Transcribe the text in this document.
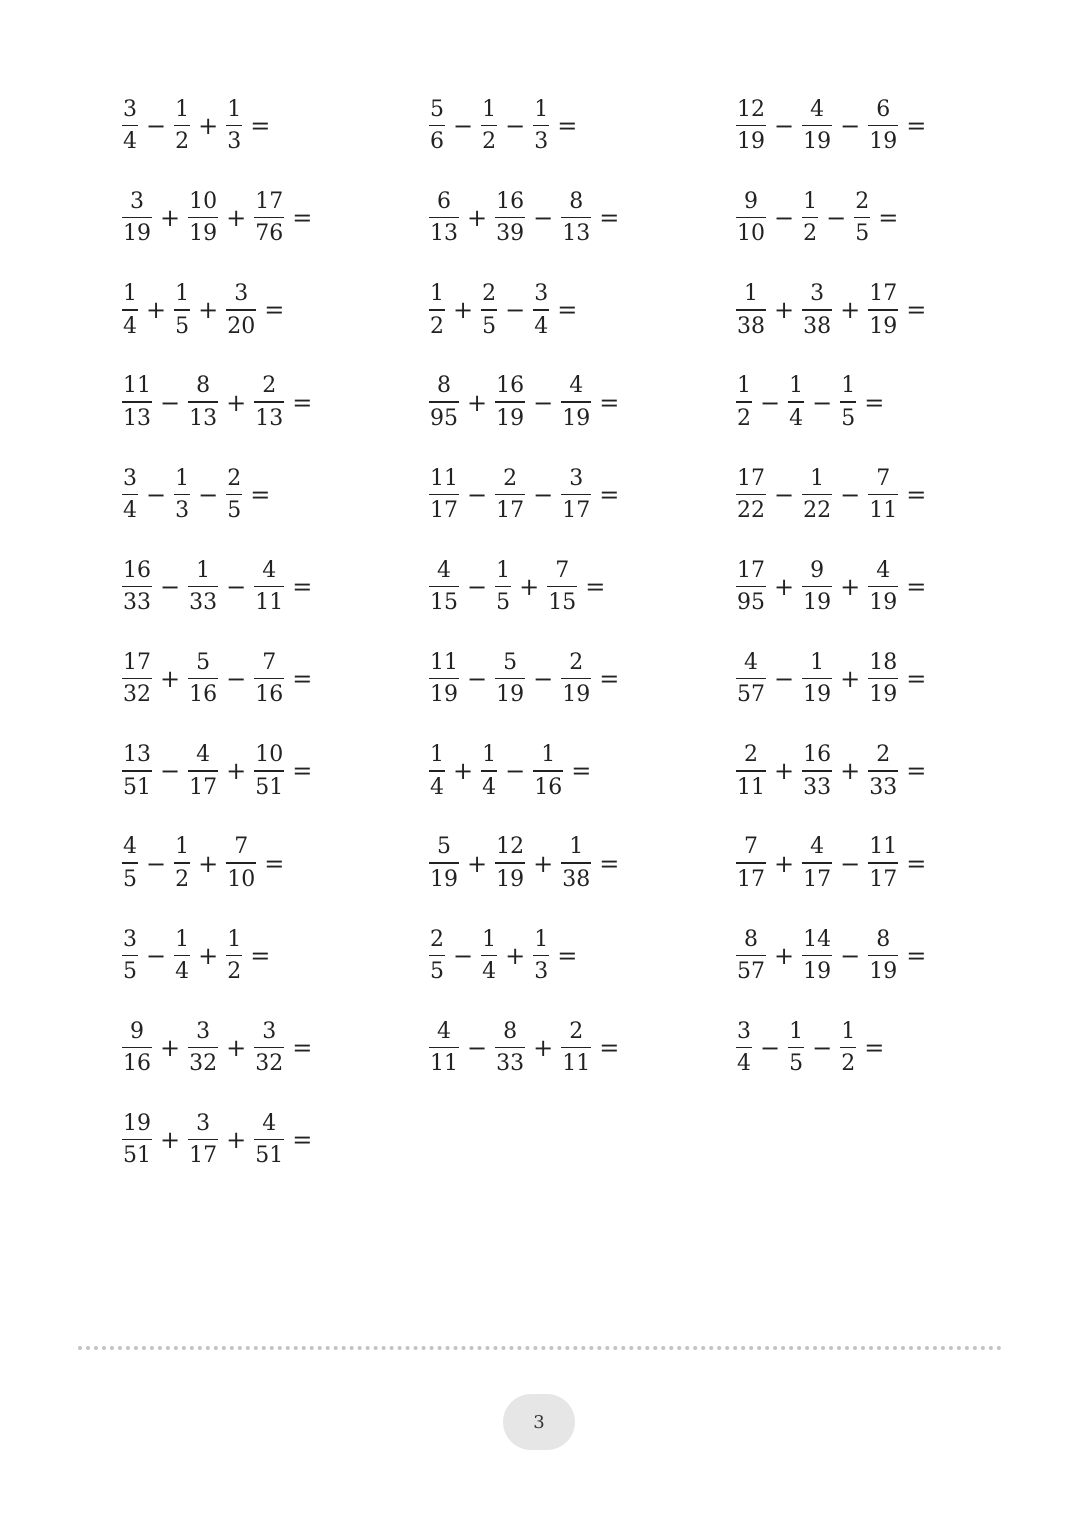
$\frac{3}{4} - \frac{1}{2} + \frac{1}{3}$ =	$\frac{5}{6} - \frac{1}{2} - \frac{1}{3}$ =	$\frac{12}{19} - \frac{4}{19} - \frac{6}{19}$ =
$\frac{3}{19} + \frac{10}{19} + \frac{17}{76}$ =	$\frac{6}{13} + \frac{16}{39} - \frac{8}{13}$ =	$\frac{9}{10} - \frac{1}{2} - \frac{2}{5}$ =
$\frac{1}{4} + \frac{1}{5} + \frac{3}{20}$ =	$\frac{1}{2} + \frac{2}{5} - \frac{3}{4}$ =	$\frac{1}{38} + \frac{3}{38} + \frac{17}{19}$ =
$\frac{11}{13} - \frac{8}{13} + \frac{2}{13}$ =	$\frac{8}{95} + \frac{16}{19} - \frac{4}{19}$ =	$\frac{1}{2} - \frac{1}{4} - \frac{1}{5}$ =
$\frac{3}{4} - \frac{1}{3} - \frac{2}{5}$ =	$\frac{11}{17} - \frac{2}{17} - \frac{3}{17}$ =	$\frac{17}{22} - \frac{1}{22} - \frac{7}{11}$ =
$\frac{16}{33} - \frac{1}{33} - \frac{4}{11}$ =	$\frac{4}{15} - \frac{1}{5} + \frac{7}{15}$ =	$\frac{17}{95} + \frac{9}{19} + \frac{4}{19}$ =
$\frac{17}{32} + \frac{5}{16} - \frac{7}{16}$ =	$\frac{11}{19} - \frac{5}{19} - \frac{2}{19}$ =	$\frac{4}{57} - \frac{1}{19} + \frac{18}{19}$ =
$\frac{13}{51} - \frac{4}{17} + \frac{10}{51}$ =	$\frac{1}{4} + \frac{1}{4} - \frac{1}{16}$ =	$\frac{2}{11} + \frac{16}{33} + \frac{2}{33}$ =
$\frac{4}{5} - \frac{1}{2} + \frac{7}{10}$ =	$\frac{5}{19} + \frac{12}{19} + \frac{1}{38}$ =	$\frac{7}{17} + \frac{4}{17} - \frac{11}{17}$ =
$\frac{3}{5} - \frac{1}{4} + \frac{1}{2}$ =	$\frac{2}{5} - \frac{1}{4} + \frac{1}{3}$ =	$\frac{8}{57} + \frac{14}{19} - \frac{8}{19}$ =
$\frac{9}{16} + \frac{3}{32} + \frac{3}{32}$ =	$\frac{4}{11} - \frac{8}{33} + \frac{2}{11}$ =	$\frac{3}{4} - \frac{1}{5} - \frac{1}{2}$ =
$\frac{19}{51} + \frac{3}{17} + \frac{4}{51}$ =
3
